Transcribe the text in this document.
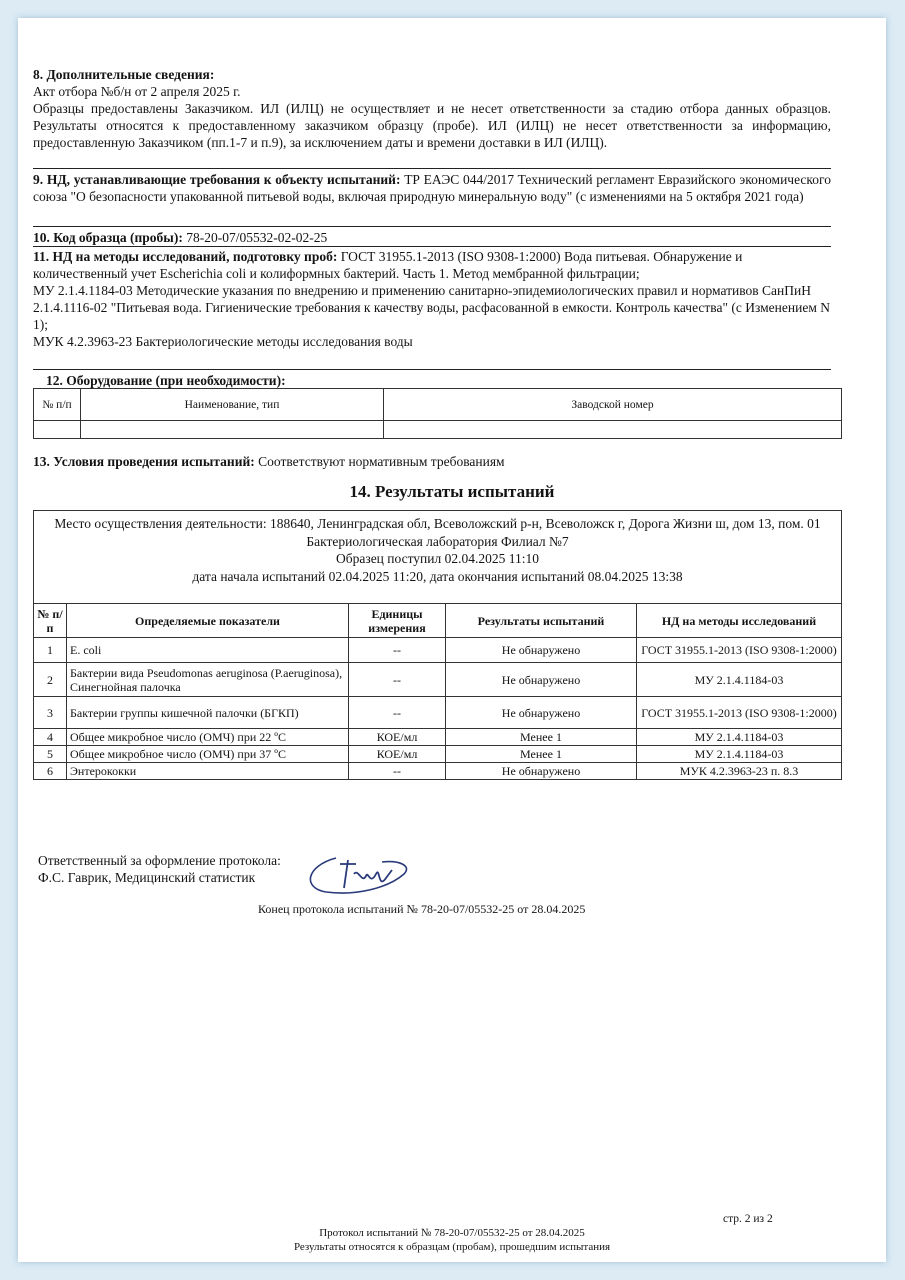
8. Дополнительные сведения:
Акт отбора №б/н от 2 апреля 2025 г.
Образцы предоставлены Заказчиком. ИЛ (ИЛЦ) не осуществляет и не несет ответственности за стадию отбора данных образцов. Результаты относятся к предоставленному заказчиком образцу (пробе). ИЛ (ИЛЦ) не несет ответственности за информацию, предоставленную Заказчиком (пп.1-7 и п.9), за исключением даты и времени доставки в ИЛ (ИЛЦ).
9. НД, устанавливающие требования к объекту испытаний: ТР ЕАЭС 044/2017 Технический регламент Евразийского экономического союза "О безопасности упакованной питьевой воды, включая природную минеральную воду" (с изменениями на 5 октября 2021 года)
10. Код образца (пробы): 78-20-07/05532-02-02-25
11. НД на методы исследований, подготовку проб: ГОСТ 31955.1-2013 (ISO 9308-1:2000) Вода питьевая. Обнаружение и количественный учет Escherichia coli и колиформных бактерий. Часть 1. Метод мембранной фильтрации;
МУ 2.1.4.1184-03 Методические указания по внедрению и применению санитарно-эпидемиологических правил и нормативов СанПиН 2.1.4.1116-02 "Питьевая вода. Гигиенические требования к качеству воды, расфасованной в емкости. Контроль качества" (с Изменением N 1);
МУК 4.2.3963-23 Бактериологические методы исследования воды
12. Оборудование (при необходимости):
№ п/п	Наименование, тип	Заводской номер

13. Условия проведения испытаний: Соответствуют нормативным требованиям
14. Результаты испытаний
Место осуществления деятельности: 188640, Ленинградская обл, Всеволожский р-н, Всеволожск г, Дорога Жизни ш, дом 13, пом. 01
Бактериологическая лаборатория Филиал №7
Образец поступил 02.04.2025 11:10
дата начала испытаний 02.04.2025 11:20, дата окончания испытаний 08.04.2025 13:38
№ п/п	Определяемые показатели	Единицы измерения	Результаты испытаний	НД на методы исследований
1	E. coli	--	Не обнаружено	ГОСТ 31955.1-2013 (ISO 9308-1:2000)
2	Бактерии вида Pseudomonas aeruginosa (P.aeruginosa), Синегнойная палочка	--	Не обнаружено	МУ 2.1.4.1184-03
3	Бактерии группы кишечной палочки (БГКП)	--	Не обнаружено	ГОСТ 31955.1-2013 (ISO 9308-1:2000)
4	Общее микробное число (ОМЧ) при 22 ºС	КОЕ/мл	Менее 1	МУ 2.1.4.1184-03
5	Общее микробное число (ОМЧ) при 37 ºС	КОЕ/мл	Менее 1	МУ 2.1.4.1184-03
6	Энтерококки	--	Не обнаружено	МУК 4.2.3963-23 п. 8.3
Ответственный за оформление протокола:
Ф.С. Гаврик, Медицинский статистик
Конец протокола испытаний № 78-20-07/05532-25 от 28.04.2025
стр. 2 из 2
Протокол испытаний № 78-20-07/05532-25 от 28.04.2025
Результаты относятся к образцам (пробам), прошедшим испытания
